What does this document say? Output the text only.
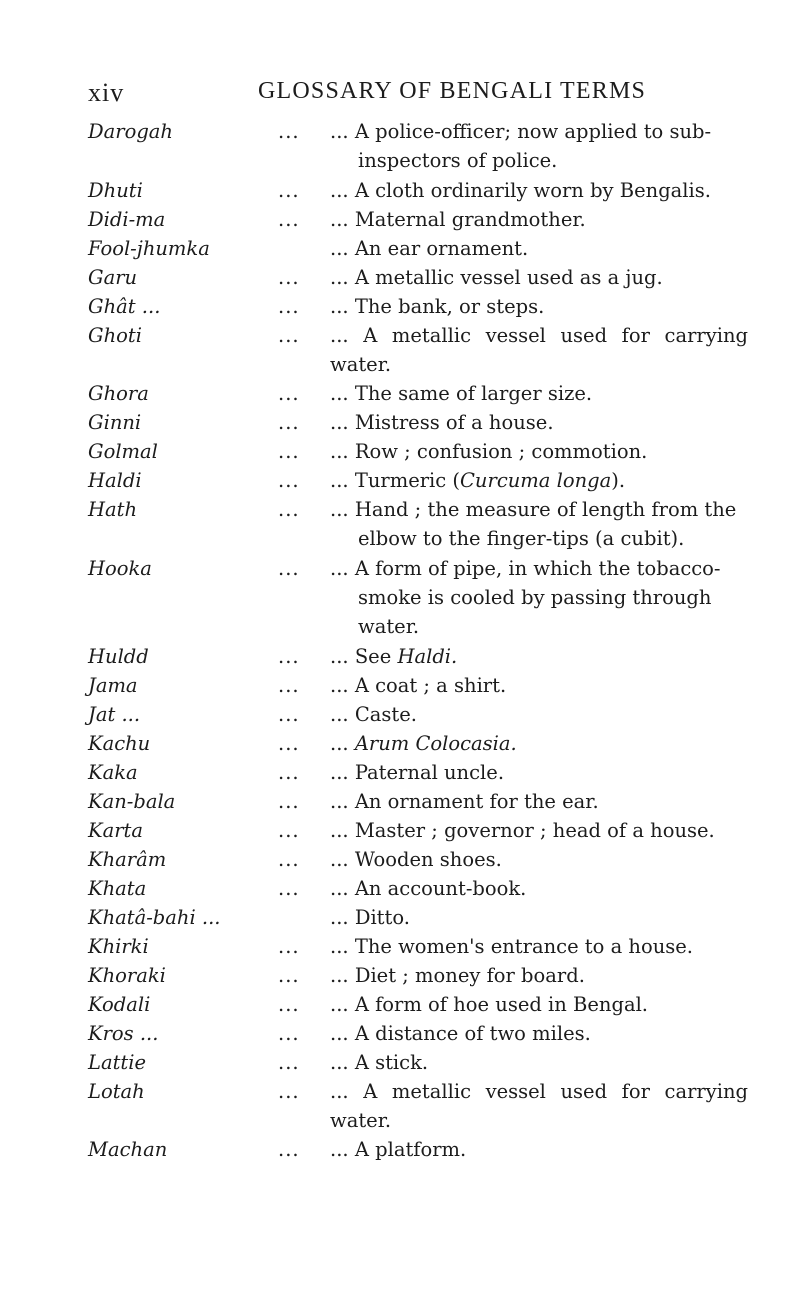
xiv	GLOSSARY OF BENGALI TERMS
Darogah	...	... A police-officer; now applied to sub-
inspectors of police.
Dhuti	...	... A cloth ordinarily worn by Bengalis.
Didi-ma	...	... Maternal grandmother.
Fool-jhumka	... An ear ornament.
Garu	...	... A metallic vessel used as a jug.
Ghât ...	...	... The bank, or steps.
Ghoti	...	... A metallic vessel used for carrying water.
Ghora	...	... The same of larger size.
Ginni	...	... Mistress of a house.
Golmal	...	... Row ; confusion ; commotion.
Haldi	...	... Turmeric (Curcuma longa).
Hath	...	... Hand ; the measure of length from the
elbow to the finger-tips (a cubit).
Hooka	...	... A form of pipe, in which the tobacco-
smoke is cooled by passing through
water.
Huldd	...	... See Haldi.
Jama	...	... A coat ; a shirt.
Jat ...	...	... Caste.
Kachu	...	... Arum Colocasia.
Kaka	...	... Paternal uncle.
Kan-bala	...	... An ornament for the ear.
Karta	...	... Master ; governor ; head of a house.
Kharâm	...	... Wooden shoes.
Khata	...	... An account-book.
Khatâ-bahi ...	... Ditto.
Khirki	...	... The women's entrance to a house.
Khoraki	...	... Diet ; money for board.
Kodali	...	... A form of hoe used in Bengal.
Kros ...	...	... A distance of two miles.
Lattie	...	... A stick.
Lotah	...	... A metallic vessel used for carrying water.
Machan	...	... A platform.
